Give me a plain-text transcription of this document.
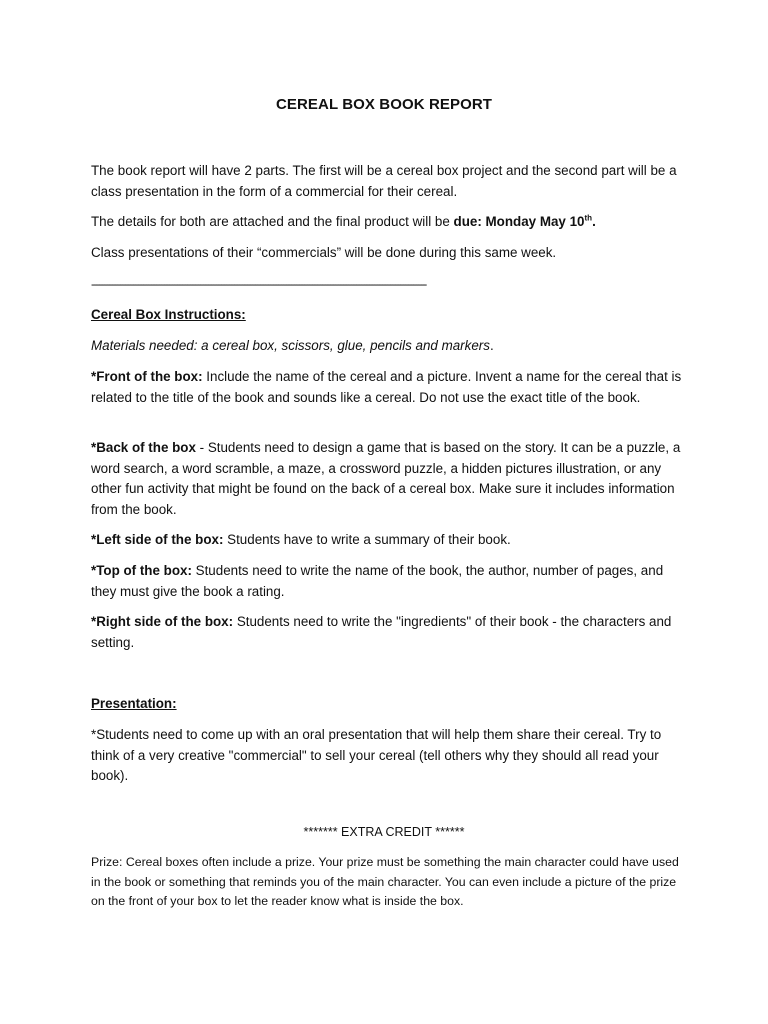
CEREAL BOX BOOK REPORT
The book report will have 2 parts. The first will be a cereal box project and the second part will be a class presentation in the form of a commercial for their cereal.
The details for both are attached and the final product will be due: Monday May 10th.
Class presentations of their “commercials” will be done during this same week.
---------------------------------------------------------------------------------------------------------------------------------
Cereal Box Instructions:
Materials needed: a cereal box, scissors, glue, pencils and markers.
*Front of the box: Include the name of the cereal and a picture. Invent a name for the cereal that is related to the title of the book and sounds like a cereal. Do not use the exact title of the book.
*Back of the box - Students need to design a game that is based on the story. It can be a puzzle, a word search, a word scramble, a maze, a crossword puzzle, a hidden pictures illustration, or any other fun activity that might be found on the back of a cereal box. Make sure it includes information from the book.
*Left side of the box: Students have to write a summary of their book.
*Top of the box: Students need to write the name of the book, the author, number of pages, and they must give the book a rating.
*Right side of the box: Students need to write the "ingredients" of their book - the characters and setting.
Presentation:
*Students need to come up with an oral presentation that will help them share their cereal. Try to think of a very creative "commercial" to sell your cereal (tell others why they should all read your book).
******* EXTRA CREDIT ******
Prize: Cereal boxes often include a prize. Your prize must be something the main character could have used in the book or something that reminds you of the main character. You can even include a picture of the prize on the front of your box to let the reader know what is inside the box.
